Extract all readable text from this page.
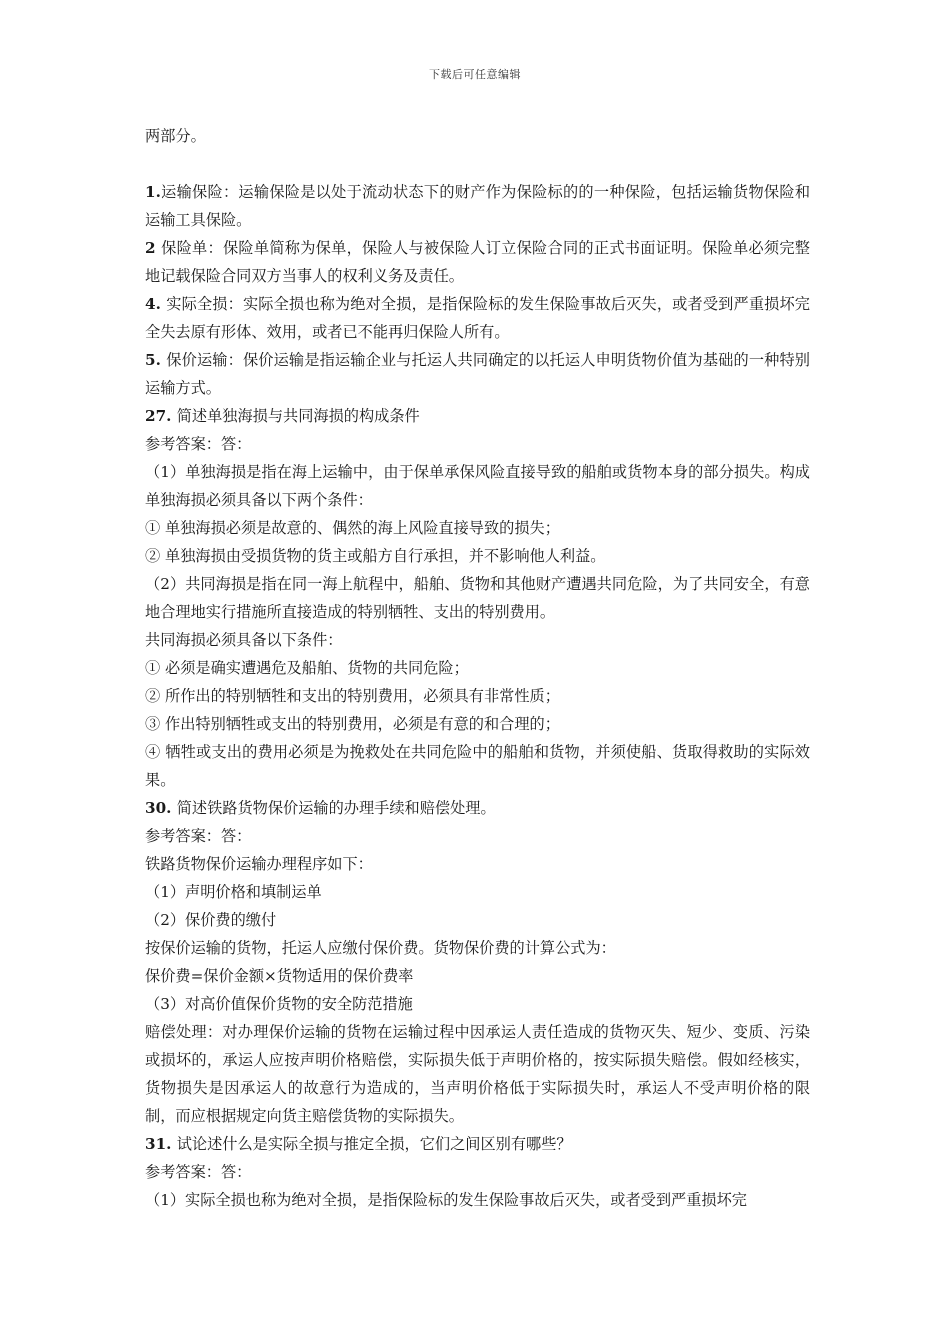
下载后可任意编辑

两部分。

1.运输保险：运输保险是以处于流动状态下的财产作为保险标的的一种保险，包括运输货物保险和运输工具保险。

2 保险单：保险单简称为保单，保险人与被保险人订立保险合同的正式书面证明。保险单必须完整地记载保险合同双方当事人的权利义务及责任。

4. 实际全损：实际全损也称为绝对全损，是指保险标的发生保险事故后灭失，或者受到严重损坏完全失去原有形体、效用，或者已不能再归保险人所有。

5. 保价运输：保价运输是指运输企业与托运人共同确定的以托运人申明货物价值为基础的一种特别运输方式。

27. 简述单独海损与共同海损的构成条件

参考答案：答：

（1）单独海损是指在海上运输中，由于保单承保风险直接导致的船舶或货物本身的部分损失。构成单独海损必须具备以下两个条件：

① 单独海损必须是故意的、偶然的海上风险直接导致的损失；

② 单独海损由受损货物的货主或船方自行承担，并不影响他人利益。

（2）共同海损是指在同一海上航程中，船舶、货物和其他财产遭遇共同危险，为了共同安全，有意地合理地实行措施所直接造成的特别牺牲、支出的特别费用。

共同海损必须具备以下条件：

① 必须是确实遭遇危及船舶、货物的共同危险；

② 所作出的特别牺牲和支出的特别费用，必须具有非常性质；

③ 作出特别牺牲或支出的特别费用，必须是有意的和合理的；

④ 牺牲或支出的费用必须是为挽救处在共同危险中的船舶和货物，并须使船、货取得救助的实际效果。

30. 简述铁路货物保价运输的办理手续和赔偿处理。

参考答案：答：

铁路货物保价运输办理程序如下：

（1）声明价格和填制运单

（2）保价费的缴付

按保价运输的货物，托运人应缴付保价费。货物保价费的计算公式为：

保价费=保价金额×货物适用的保价费率

（3）对高价值保价货物的安全防范措施

赔偿处理：对办理保价运输的货物在运输过程中因承运人责任造成的货物灭失、短少、变质、污染或损坏的，承运人应按声明价格赔偿，实际损失低于声明价格的，按实际损失赔偿。假如经核实，货物损失是因承运人的故意行为造成的，当声明价格低于实际损失时，承运人不受声明价格的限制，而应根据规定向货主赔偿货物的实际损失。

31. 试论述什么是实际全损与推定全损，它们之间区别有哪些？

参考答案：答：

（1）实际全损也称为绝对全损，是指保险标的发生保险事故后灭失，或者受到严重损坏完
